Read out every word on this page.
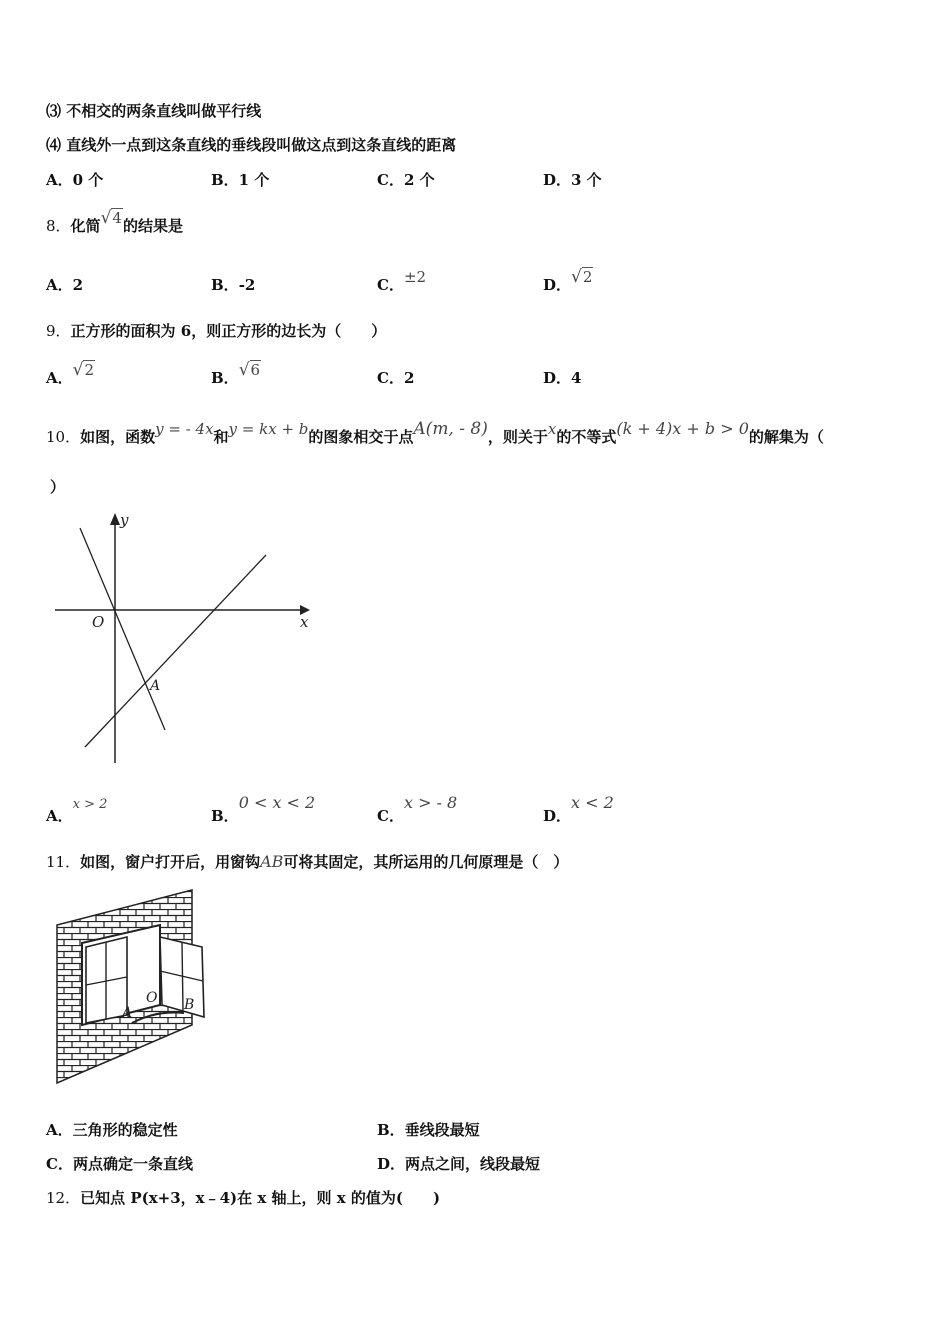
⑶ 不相交的两条直线叫做平行线
⑷ 直线外一点到这条直线的垂线段叫做这点到这条直线的距离
A．0 个	B．1 个	C．2 个	D．3 个
8．化简√4的结果是
A．2	B．-2	C．±2	D．√2
9．正方形的面积为 6，则正方形的边长为（　　）
A．√2	B．√6	C．2	D．4
10．如图，函数y = - 4x和y = kx + b的图象相交于点A(m, - 8)，则关于x的不等式(k + 4)x + b > 0的解集为（
）
y
x
O
A
A．x > 2
B．0 < x < 2
C．x > - 8
D．x < 2
11．如图，窗户打开后，用窗钩AB可将其固定，其所运用的几何原理是（　）
A
O B
A．三角形的稳定性	B．垂线段最短
C．两点确定一条直线	D．两点之间，线段最短
12．已知点 P(x+3，x﹣4)在 x 轴上，则 x 的值为(　　)
